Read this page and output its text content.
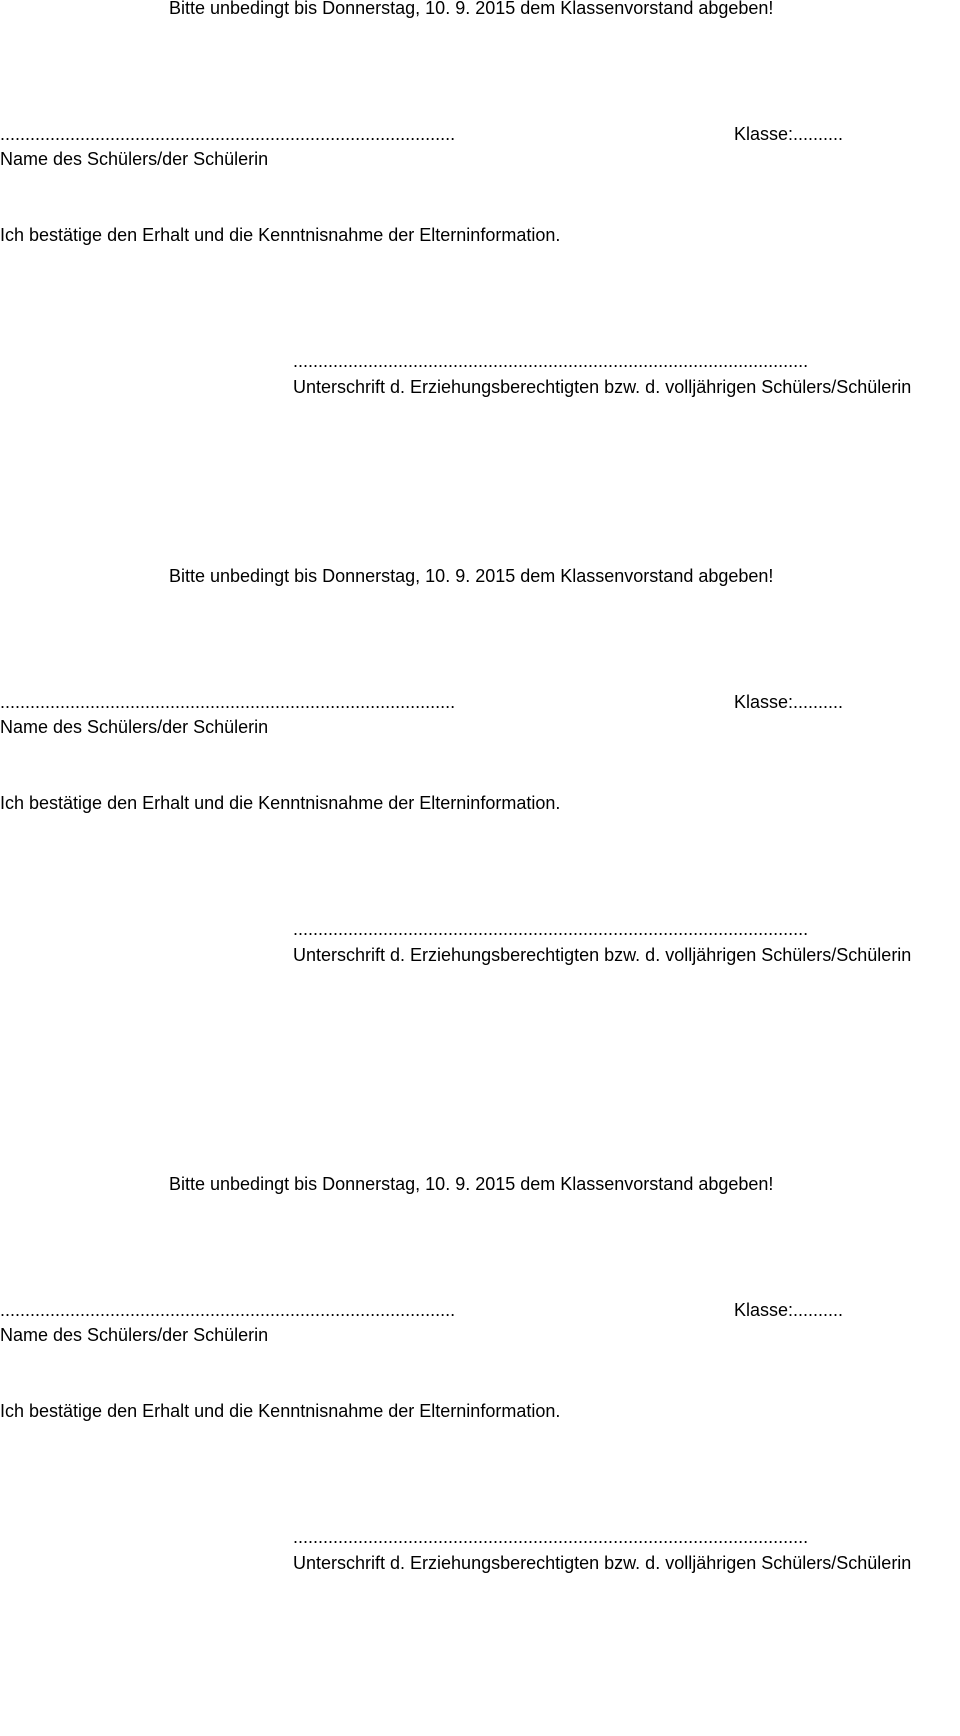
Bitte unbedingt bis Donnerstag, 10. 9. 2015 dem Klassenvorstand abgeben!
...........................................................................................	Klasse:..........
Name des Schülers/der Schülerin
Ich bestätige den Erhalt und die Kenntnisnahme der Elterninformation.
.......................................................................................................
Unterschrift d. Erziehungsberechtigten bzw. d. volljährigen Schülers/Schülerin
Bitte unbedingt bis Donnerstag, 10. 9. 2015 dem Klassenvorstand abgeben!
...........................................................................................	Klasse:..........
Name des Schülers/der Schülerin
Ich bestätige den Erhalt und die Kenntnisnahme der Elterninformation.
.......................................................................................................
Unterschrift d. Erziehungsberechtigten bzw. d. volljährigen Schülers/Schülerin
Bitte unbedingt bis Donnerstag, 10. 9. 2015 dem Klassenvorstand abgeben!
...........................................................................................	Klasse:..........
Name des Schülers/der Schülerin
Ich bestätige den Erhalt und die Kenntnisnahme der Elterninformation.
.......................................................................................................
Unterschrift d. Erziehungsberechtigten bzw. d. volljährigen Schülers/Schülerin
